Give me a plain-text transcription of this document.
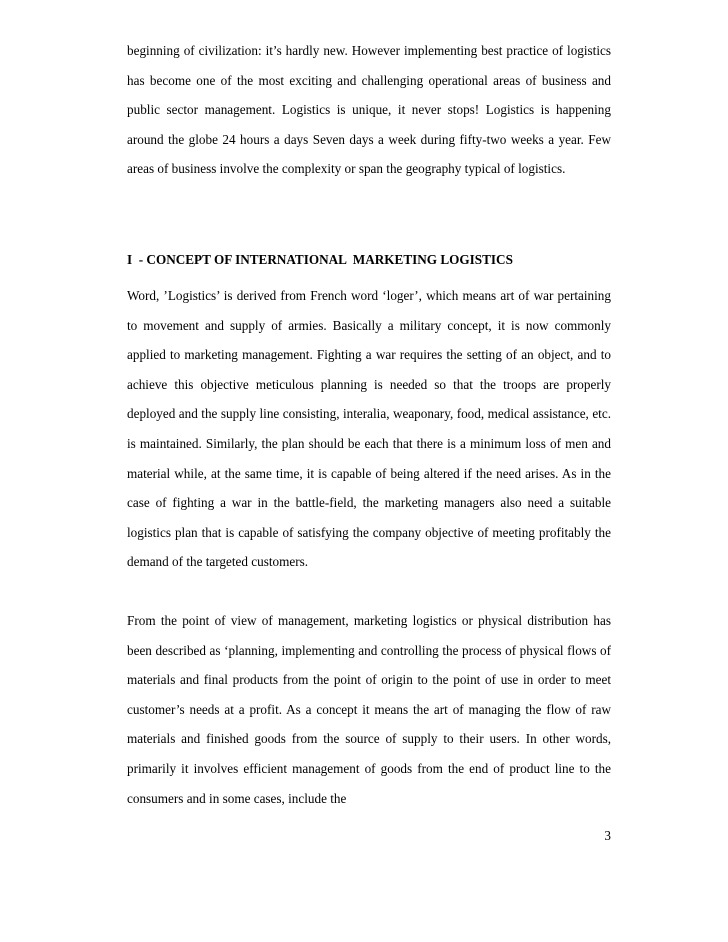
beginning of civilization: it’s hardly new. However implementing best practice of logistics has become one of the most exciting and challenging operational areas of business and public sector management. Logistics is unique, it never stops! Logistics is happening around the globe 24 hours a days Seven days a week during fifty-two weeks a year. Few areas of business involve the complexity or span the geography typical of logistics.

I  - CONCEPT OF INTERNATIONAL  MARKETING LOGISTICS

Word, ’Logistics’ is derived from French word ‘loger’, which means art of war pertaining to movement and supply of armies. Basically a military concept, it is now commonly applied to marketing management. Fighting a war requires the setting of an object, and to achieve this objective meticulous planning is needed so that the troops are properly deployed and the supply line consisting, interalia, weaponary, food, medical assistance, etc. is maintained. Similarly, the plan should be each that there is a minimum loss of men and material while, at the same time, it is capable of being altered if the need arises. As in the case of fighting a war in the battle-field, the marketing managers also need a suitable logistics plan that is capable of satisfying the company objective of meeting profitably the demand of the targeted customers.

From the point of view of management, marketing logistics or physical distribution has been described as ‘planning, implementing and controlling the process of physical flows of materials and final products from the point of origin to the point of use in order to meet customer’s needs at a profit. As a concept it means the art of managing the flow of raw materials and finished goods from the source of supply to their users. In other words, primarily it involves efficient management of goods from the end of product line to the consumers and in some cases, include the

3
